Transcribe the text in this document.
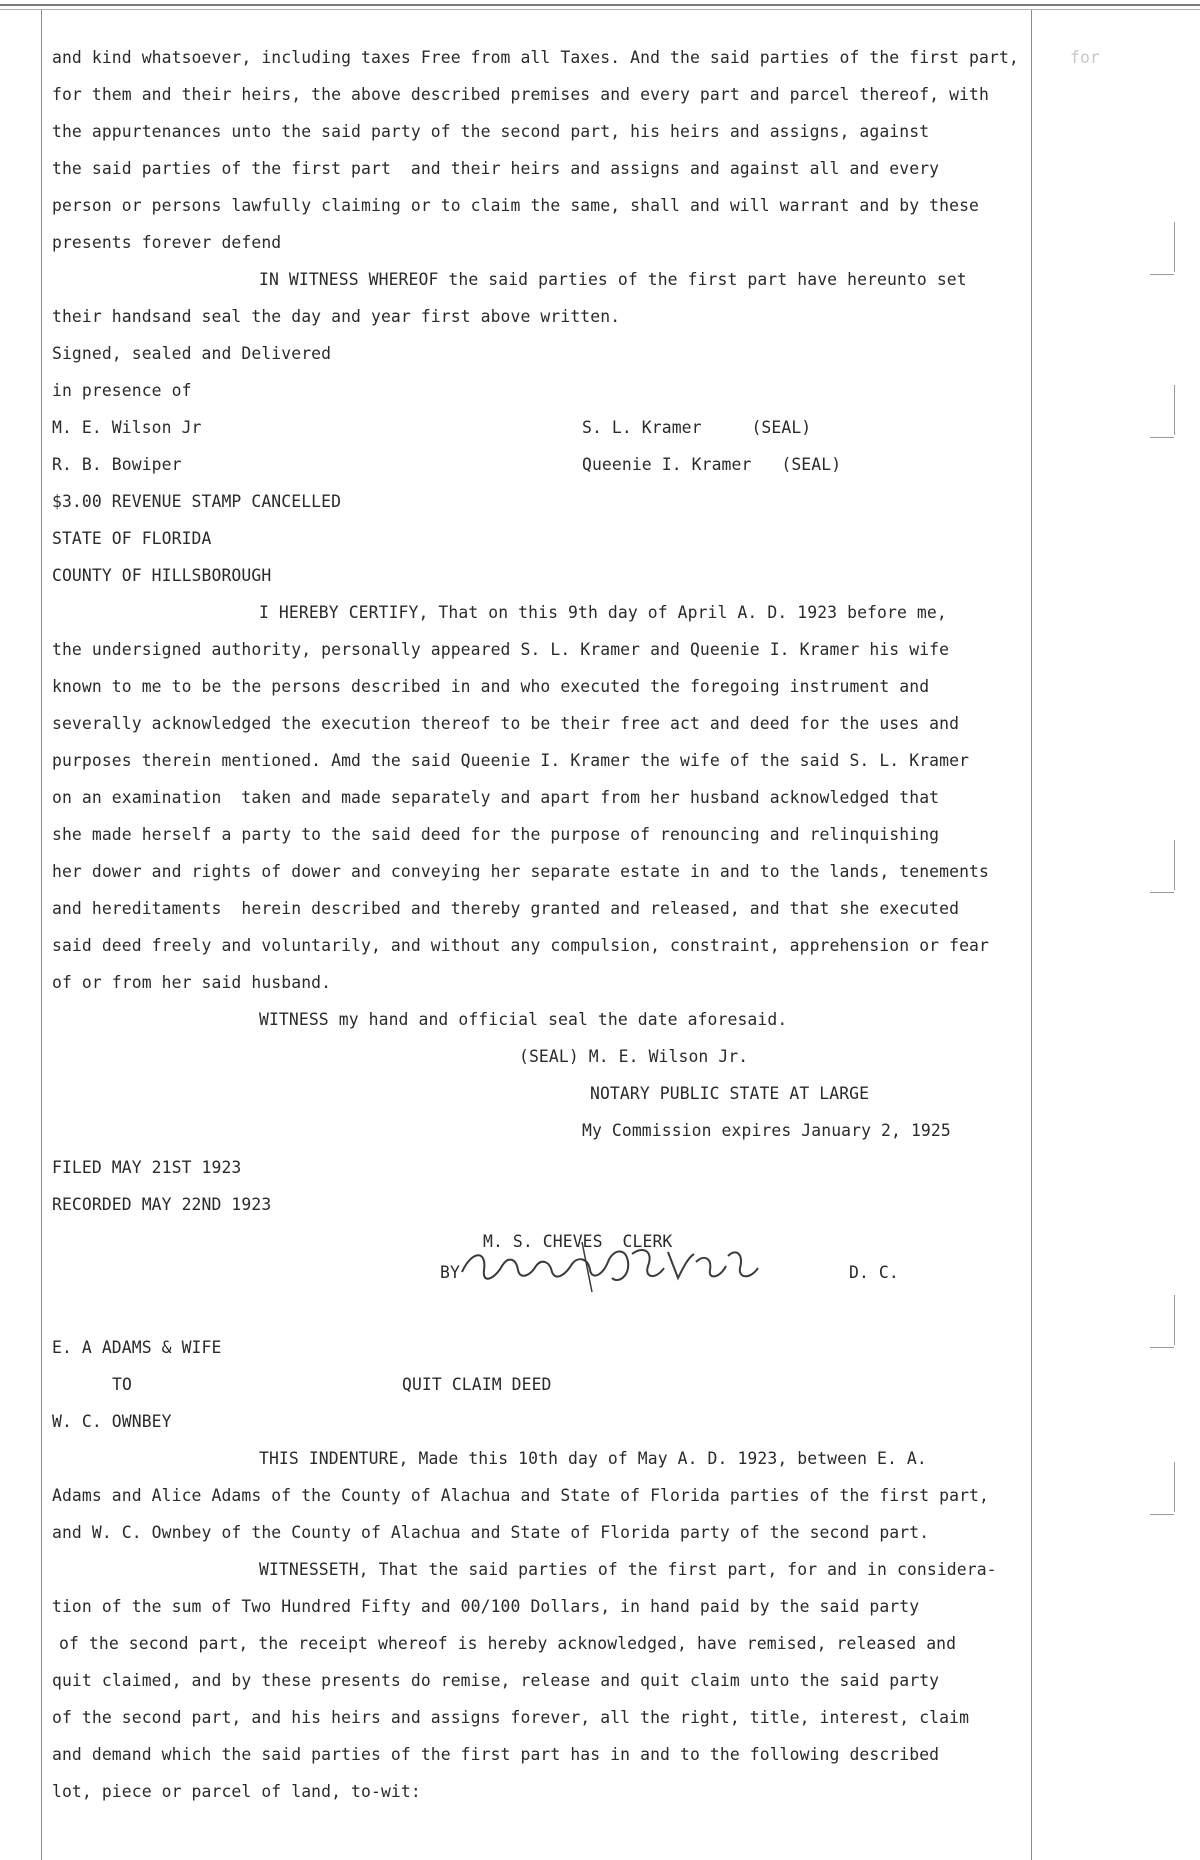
for
and kind whatsoever, including taxes Free from all Taxes. And the said parties of the first part,
for them and their heirs, the above described premises and every part and parcel thereof, with
the appurtenances unto the said party of the second part, his heirs and assigns, against
the said parties of the first part  and their heirs and assigns and against all and every
person or persons lawfully claiming or to claim the same, shall and will warrant and by these
presents forever defend
IN WITNESS WHEREOF the said parties of the first part have hereunto set
their handsand seal the day and year first above written.
Signed, sealed and Delivered
in presence of
M. E. Wilson Jr	S. L. Kramer     (SEAL)
R. B. Bowiper	Queenie I. Kramer   (SEAL)
$3.00 REVENUE STAMP CANCELLED
STATE OF FLORIDA
COUNTY OF HILLSBOROUGH
I HEREBY CERTIFY, That on this 9th day of April A. D. 1923 before me,
the undersigned authority, personally appeared S. L. Kramer and Queenie I. Kramer his wife
known to me to be the persons described in and who executed the foregoing instrument and
severally acknowledged the execution thereof to be their free act and deed for the uses and
purposes therein mentioned. Amd the said Queenie I. Kramer the wife of the said S. L. Kramer
on an examination  taken and made separately and apart from her husband acknowledged that
she made herself a party to the said deed for the purpose of renouncing and relinquishing
her dower and rights of dower and conveying her separate estate in and to the lands, tenements
and hereditaments  herein described and thereby granted and released, and that she executed
said deed freely and voluntarily, and without any compulsion, constraint, apprehension or fear
of or from her said husband.
WITNESS my hand and official seal the date aforesaid.
(SEAL) M. E. Wilson Jr.
NOTARY PUBLIC STATE AT LARGE
My Commission expires January 2, 1925
FILED MAY 21ST 1923
RECORDED MAY 22ND 1923
M. S. CHEVES  CLERK
BY	D. C.
E. A ADAMS & WIFE
TO	QUIT CLAIM DEED
W. C. OWNBEY
THIS INDENTURE, Made this 10th day of May A. D. 1923, between E. A.
Adams and Alice Adams of the County of Alachua and State of Florida parties of the first part,
and W. C. Ownbey of the County of Alachua and State of Florida party of the second part.
WITNESSETH, That the said parties of the first part, for and in considera-
tion of the sum of Two Hundred Fifty and 00/100 Dollars, in hand paid by the said party
of the second part, the receipt whereof is hereby acknowledged, have remised, released and
quit claimed, and by these presents do remise, release and quit claim unto the said party
of the second part, and his heirs and assigns forever, all the right, title, interest, claim
and demand which the said parties of the first part has in and to the following described
lot, piece or parcel of land, to-wit:
